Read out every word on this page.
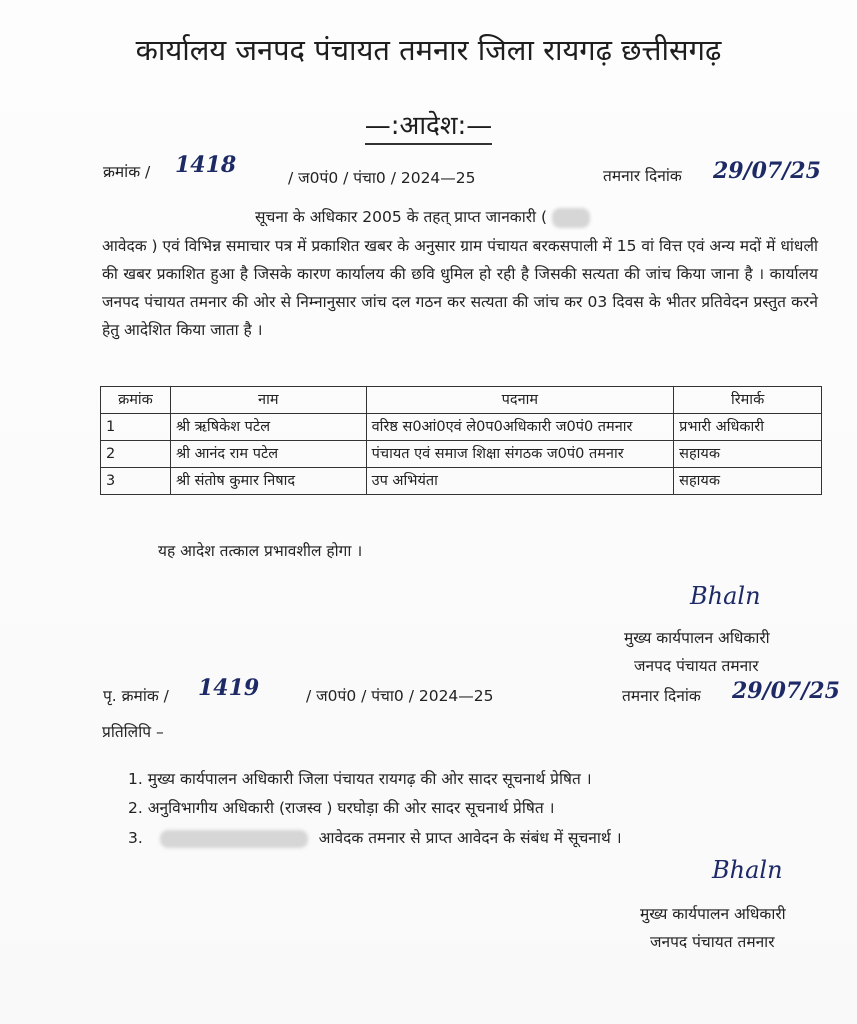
कार्यालय जनपद पंचायत तमनार जिला रायगढ़ छत्तीसगढ़
—:आदेश:—
क्रमांक / 1418	/ ज0पं0 / पंचा0 / 2024—25	तमनार दिनांक 29/07/25
सूचना के अधिकार 2005 के तहत् प्राप्त जानकारी (
आवेदक ) एवं विभिन्न समाचार पत्र में प्रकाशित खबर के अनुसार ग्राम पंचायत बरकसपाली में 15 वां वित्त एवं अन्य मदों में धांधली की खबर प्रकाशित हुआ है जिसके कारण कार्यालय की छवि धुमिल हो रही है जिसकी सत्यता की जांच किया जाना है । कार्यालय जनपद पंचायत तमनार की ओर से निम्नानुसार जांच दल गठन कर सत्यता की जांच कर 03 दिवस के भीतर प्रतिवेदन प्रस्तुत करने हेतु आदेशित किया जाता है ।
क्रमांक	नाम	पदनाम	रिमार्क
1	श्री ऋषिकेश पटेल	वरिष्ठ स0आं0एवं ले0प0अधिकारी ज0पं0 तमनार	प्रभारी अधिकारी
2	श्री आनंद राम पटेल	पंचायत एवं समाज शिक्षा संगठक ज0पं0 तमनार	सहायक
3	श्री संतोष कुमार निषाद	उप अभियंता	सहायक
यह आदेश तत्काल प्रभावशील होगा ।
Bhaln
मुख्य कार्यपालन अधिकारी
जनपद पंचायत तमनार
पृ. क्रमांक / 1419	/ ज0पं0 / पंचा0 / 2024—25	तमनार दिनांक 29/07/25
प्रतिलिपि –
1. मुख्य कार्यपालन अधिकारी जिला पंचायत रायगढ़ की ओर सादर सूचनार्थ प्रेषित ।
2. अनुविभागीय अधिकारी (राजस्व ) घरघोड़ा की ओर सादर सूचनार्थ प्रेषित ।
3.	आवेदक तमनार से प्राप्त आवेदन के संबंध में सूचनार्थ ।
Bhaln
मुख्य कार्यपालन अधिकारी
जनपद पंचायत तमनार
